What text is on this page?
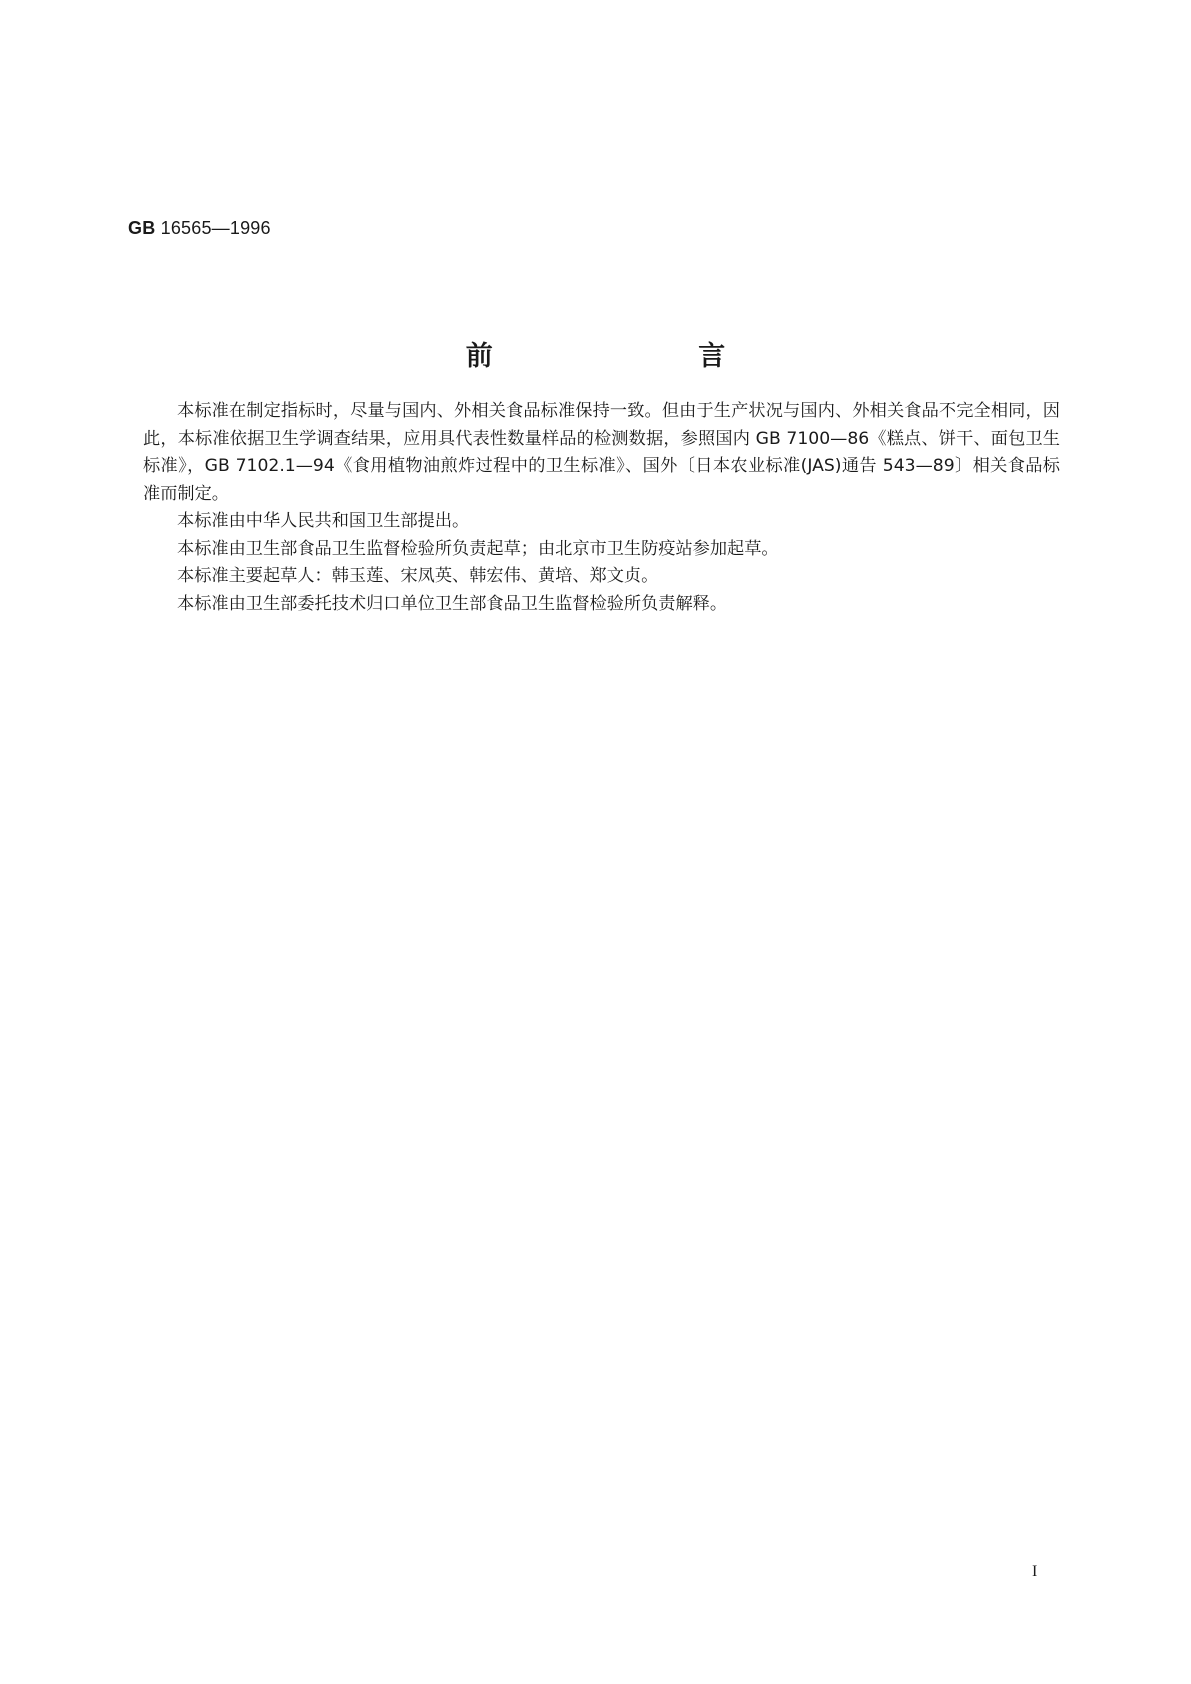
GB 16565—1996
前 言

本标准在制定指标时，尽量与国内、外相关食品标准保持一致。但由于生产状况与国内、外相关食品不完全相同，因此，本标准依据卫生学调查结果，应用具代表性数量样品的检测数据，参照国内 GB 7100—86《糕点、饼干、面包卫生标准》，GB 7102.1—94《食用植物油煎炸过程中的卫生标准》、国外〔日本农业标准(JAS)通告 543—89〕相关食品标准而制定。

本标准由中华人民共和国卫生部提出。

本标准由卫生部食品卫生监督检验所负责起草；由北京市卫生防疫站参加起草。

本标准主要起草人：韩玉莲、宋凤英、韩宏伟、黄培、郑文贞。

本标准由卫生部委托技术归口单位卫生部食品卫生监督检验所负责解释。

I
